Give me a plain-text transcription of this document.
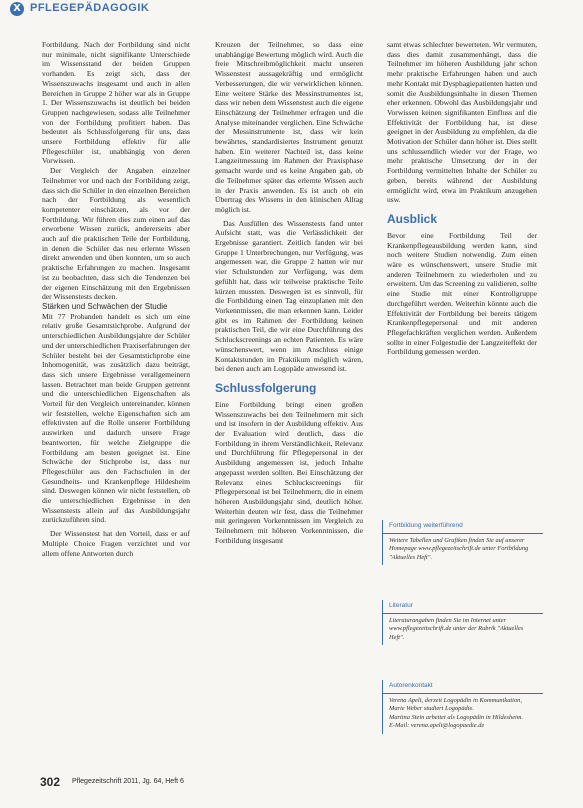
X PFLEGEPÄDAGOGIK

Fortbildung. Nach der Fortbildung sind nicht nur minimale, nicht signifikante Unterschiede im Wissensstand der beiden Gruppen vorhanden. Es zeigt sich, dass der Wissenszuwachs insgesamt und auch in allen Bereichen in Gruppe 2 höher war als in Gruppe 1. Der Wissenszuwachs ist deutlich bei beiden Gruppen nachgewiesen, sodass alle Teilnehmer von der Fortbildung profitiert haben. Das bedeutet als Schlussfolgerung für uns, dass unsere Fortbildung effektiv für alle Pflegeschüler ist, unabhängig von deren Vorwissen.

Der Vergleich der Angaben einzelner Teilnehmer vor und nach der Fortbildung zeigt, dass sich die Schüler in den einzelnen Bereichen nach der Fortbildung als wesentlich kompetenter einschätzen, als vor der Fortbildung. Wir führen dies zum einen auf das erworbene Wissen zurück, andererseits aber auch auf die praktischen Teile der Fortbildung, in denen die Schüler das neu erlernte Wissen direkt anwenden und üben konnten, um so auch praktische Erfahrungen zu machen. Insgesamt ist zu beobachten, dass sich die Tendenzen bei der eigenen Einschätzung mit den Ergebnissen der Wissenstests decken.

Stärken und Schwächen der Studie

Mit 77 Probanden handelt es sich um eine relativ große Gesamtstichprobe. Aufgrund der unterschiedlichen Ausbildungsjahre der Schüler und der unterschiedlichen Praxiserfahrungen der Schüler besteht bei der Gesamtstichprobe eine Inhomogenität, was zusätzlich dazu beiträgt, dass sich unsere Ergebnisse verallgemeinern lassen. Betrachtet man beide Gruppen getrennt und die unterschiedlichen Eigenschaften als Vorteil für den Vergleich untereinander, können wir feststellen, welche Eigenschaften sich am effektivsten auf die Rolle unserer Fortbildung auswirken und dadurch unsere Frage beantworten, für welche Zielgruppe die Fortbildung am besten geeignet ist. Eine Schwäche der Stichprobe ist, dass nur Pflegeschüler aus den Fachschulen in der Gesundheits- und Krankenpflege Hildesheim sind. Deswegen können wir nicht feststellen, ob die unterschiedlichen Ergebnisse in den Wissenstests allein auf das Ausbildungsjahr zurückzuführen sind.

Der Wissenstest hat den Vorteil, dass er auf Multiple Choice Fragen verzichtet und vor allem offene Antworten durch

Kreuzen der Teilnehmer, so dass eine unabhängige Bewertung möglich wird. Auch die freie Mitschreibmöglichkeit macht unseren Wissenstest aussagekräftig und ermöglicht Verbesserungen, die wir verwirklichen können. Eine weitere Stärke des Messinstrumentes ist, dass wir neben dem Wissenstest auch die eigene Einschätzung der Teilnehmer erfragen und die Analyse miteinander verglichen. Eine Schwäche der Messinstrumente ist, dass wir kein bewährtes, standardisiertes Instrument genutzt haben. Ein weiterer Nachteil ist, dass keine Langzeitmessung im Rahmen der Praxisphase gemacht wurde und es keine Angaben gab, ob die Teilnehmer später das erlernte Wissen auch in der Praxis anwenden. Es ist auch ob ein Übertrag des Wissens in den klinischen Alltag möglich ist.

Das Ausfüllen des Wissenstests fand unter Aufsicht statt, was die Verlässlichkeit der Ergebnisse garantiert. Zeitlich fanden wir bei Gruppe 1 Unterbrechungen, nur Verfügung, was angemessen war, die Gruppe 2 hatten wir nur vier Schulstunden zur Verfügung, was dem gefühlt hat, dass wir teilweise praktische Teile kürzen mussten. Deswegen ist es sinnvoll, für die Fortbildung einen Tag einzuplanen mit den Vorkenntnissen, die man erkennen kann. Leider gibt es im Rahmen der Fortbildung keinen praktischen Teil, die wir eine Durchführung des Schluckscreenings an echten Patienten. Es wäre wünschenswert, wenn im Anschluss einige Kontaktstunden im Praktikum möglich wären, bei denen auch am Logopäde anwesend ist.

Schlussfolgerung

Eine Fortbildung bringt einen großen Wissenszuwachs bei den Teilnehmern mit sich und ist insofern in der Ausbildung effektiv. Aus der Evaluation wird deutlich, dass die Fortbildung in ihrem Verständlichkeit, Relevanz und Durchführung für Pflegepersonal in der Ausbildung angemessen ist, jedoch Inhalte angepasst werden sollten. Bei Einschätzung der Relevanz eines Schluckscreenings für Pflegepersonal ist bei Teilnehmern, die in einem höheren Ausbildungsjahr sind, deutlich höher. Weiterhin deuten wir fest, dass die Teilnehmer mit geringeren Vorkenntnissen im Vergleich zu Teilnehmern mit höheren Vorkenntnissen, die Fortbildung insgesamt

samt etwas schlechter bewerteten. Wir vermuten, dass dies damit zusammenhängt, dass die Teilnehmer im höheren Ausbildung jahr schon mehr praktische Erfahrungen haben und auch mehr Kontakt mit Dysphagiepatienten hatten und somit die Ausbildungsinhalte in diesen Themen eher erkennen. Obwohl das Ausbildungsjahr und Vorwissen keinen signifikanten Einfluss auf die Effektivität der Fortbildung hat, ist diese geeignet in der Ausbildung zu empfehlen, da die Motivation der Schüler dann höher ist. Dies stellt uns schlussendlich wieder vor der Frage, wo mehr praktische Umsetzung der in der Fortbildung vermittelten Inhalte der Schüler zu geben, bereits während der Ausbildung ermöglicht wird, etwa im Praktikum anzugehen usw.

Ausblick

Bevor eine Fortbildung Teil der Krankenpflegeausbildung werden kann, sind noch weitere Studien notwendig. Zum einen wäre es wünschenswert, unsere Studie mit anderen Teilnehmern zu wiederholen und zu erweitern. Um das Screening zu validieren, sollte eine Studie mit einer Kontrollgruppe durchgeführt werden. Weiterhin könnte auch die Effektivität der Fortbildung bei bereits tätigem Krankenpflegepersonal und mit anderen Pflegefachkräften verglichen werden. Außerdem sollte in einer Folgestudie der Langzeiteffekt der Fortbildung gemessen werden.

Fortbildung weiterführend
Weitere Tabellen und Grafiken finden Sie auf unserer Homepage www.pflegezeitschrift.de unter Fortbildung "Aktuelles Heft".
Literatur
Literaturangaben finden Sie im Internet unter www.pflegezeitschrift.de unter der Rubrik "Aktuelles Heft".
Autorenkontakt
Verena Apelt, derzeit Logopädin in Kommunikation,
Marie Weber studiert Logopädie.
Martina Stein arbeitet als Logopädin in Hildesheim.
E-Mail: verena.apelt@logopaedie.de
302 Pflegezeitschrift 2011, Jg. 64, Heft 6
